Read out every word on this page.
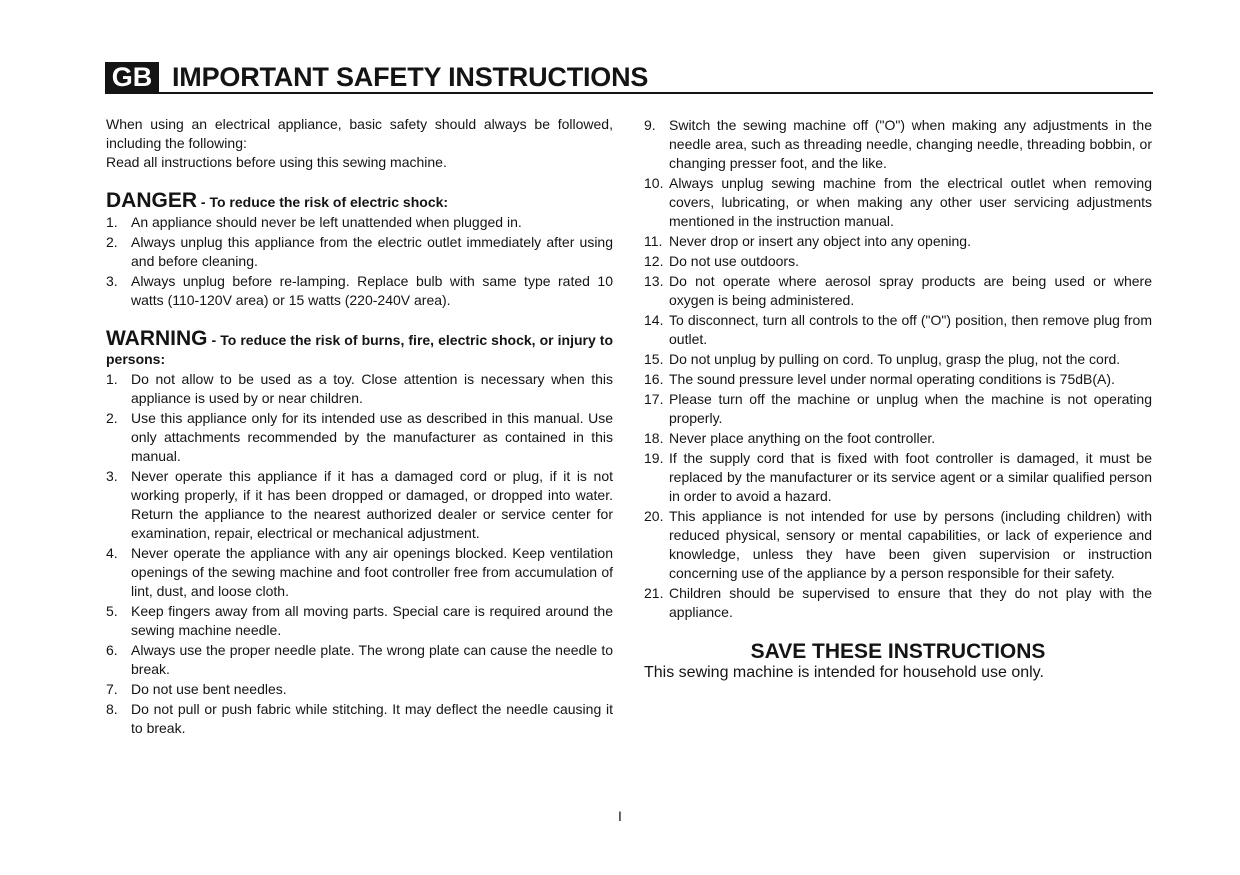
GB IMPORTANT SAFETY INSTRUCTIONS
When using an electrical appliance, basic safety should always be followed, including the following:
Read all instructions before using this sewing machine.
DANGER - To reduce the risk of electric shock:
1. An appliance should never be left unattended when plugged in.
2. Always unplug this appliance from the electric outlet immediately after using and before cleaning.
3. Always unplug before re-lamping. Replace bulb with same type rated 10 watts (110-120V area) or 15 watts (220-240V area).
WARNING - To reduce the risk of burns, fire, electric shock, or injury to persons:
1. Do not allow to be used as a toy. Close attention is necessary when this appliance is used by or near children.
2. Use this appliance only for its intended use as described in this manual. Use only attachments recommended by the manufacturer as contained in this manual.
3. Never operate this appliance if it has a damaged cord or plug, if it is not working properly, if it has been dropped or damaged, or dropped into water. Return the appliance to the nearest authorized dealer or service center for examination, repair, electrical or mechanical adjustment.
4. Never operate the appliance with any air openings blocked. Keep ventilation openings of the sewing machine and foot controller free from accumulation of lint, dust, and loose cloth.
5. Keep fingers away from all moving parts. Special care is required around the sewing machine needle.
6. Always use the proper needle plate. The wrong plate can cause the needle to break.
7. Do not use bent needles.
8. Do not pull or push fabric while stitching. It may deflect the needle causing it to break.
9. Switch the sewing machine off ("O") when making any adjustments in the needle area, such as threading needle, changing needle, threading bobbin, or changing presser foot, and the like.
10. Always unplug sewing machine from the electrical outlet when removing covers, lubricating, or when making any other user servicing adjustments mentioned in the instruction manual.
11. Never drop or insert any object into any opening.
12. Do not use outdoors.
13. Do not operate where aerosol spray products are being used or where oxygen is being administered.
14. To disconnect, turn all controls to the off ("O") position, then remove plug from outlet.
15. Do not unplug by pulling on cord. To unplug, grasp the plug, not the cord.
16. The sound pressure level under normal operating conditions is 75dB(A).
17. Please turn off the machine or unplug when the machine is not operating properly.
18. Never place anything on the foot controller.
19. If the supply cord that is fixed with foot controller is damaged, it must be replaced by the manufacturer or its service agent or a similar qualified person in order to avoid a hazard.
20. This appliance is not intended for use by persons (including children) with reduced physical, sensory or mental capabilities, or lack of experience and knowledge, unless they have been given supervision or instruction concerning use of the appliance by a person responsible for their safety.
21. Children should be supervised to ensure that they do not play with the appliance.
SAVE THESE INSTRUCTIONS
This sewing machine is intended for household use only.
I
